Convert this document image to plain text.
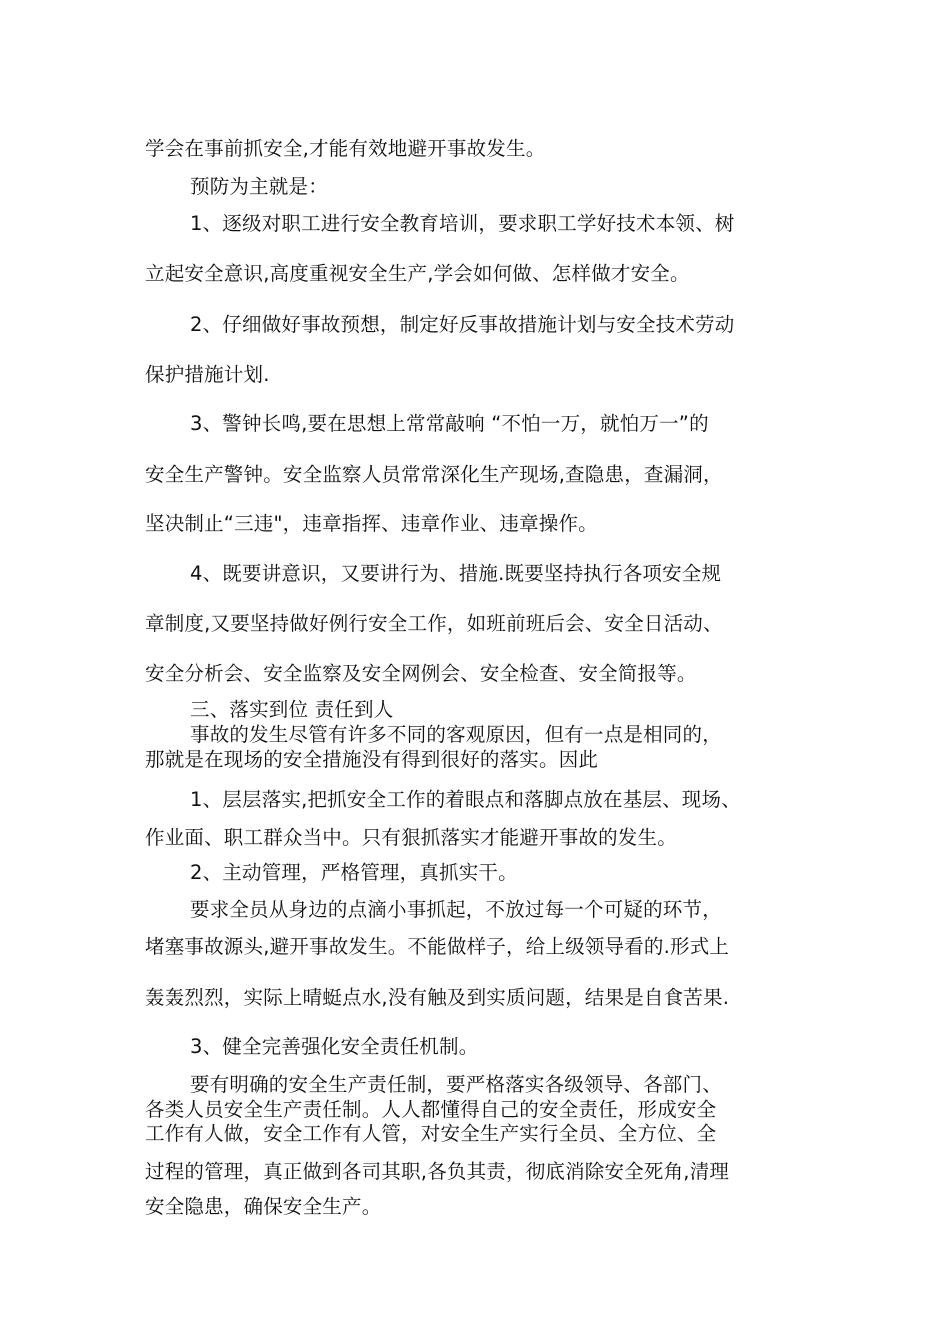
学会在事前抓安全,才能有效地避开事故发生。
预防为主就是：
1、逐级对职工进行安全教育培训，要求职工学好技术本领、树
立起安全意识,高度重视安全生产,学会如何做、怎样做才安全。
2、仔细做好事故预想，制定好反事故措施计划与安全技术劳动
保护措施计划.
3、警钟长鸣,要在思想上常常敲响 “不怕一万，就怕万一”的
安全生产警钟。安全监察人员常常深化生产现场,查隐患，查漏洞，
坚决制止“三违"，违章指挥、违章作业、违章操作。
4、既要讲意识，又要讲行为、措施.既要坚持执行各项安全规
章制度,又要坚持做好例行安全工作，如班前班后会、安全日活动、
安全分析会、安全监察及安全网例会、安全检查、安全简报等。
三、落实到位 责任到人
事故的发生尽管有许多不同的客观原因，但有一点是相同的，
那就是在现场的安全措施没有得到很好的落实。因此
1、层层落实,把抓安全工作的着眼点和落脚点放在基层、现场、
作业面、职工群众当中。只有狠抓落实才能避开事故的发生。
2、主动管理，严格管理，真抓实干。
要求全员从身边的点滴小事抓起，不放过每一个可疑的环节，
堵塞事故源头,避开事故发生。不能做样子，给上级领导看的.形式上
轰轰烈烈，实际上晴蜓点水,没有触及到实质问题，结果是自食苦果.
3、健全完善强化安全责任机制。
要有明确的安全生产责任制，要严格落实各级领导、各部门、
各类人员安全生产责任制。人人都懂得自己的安全责任，形成安全
工作有人做，安全工作有人管，对安全生产实行全员、全方位、全
过程的管理，真正做到各司其职,各负其责，彻底消除安全死角,清理
安全隐患，确保安全生产。
